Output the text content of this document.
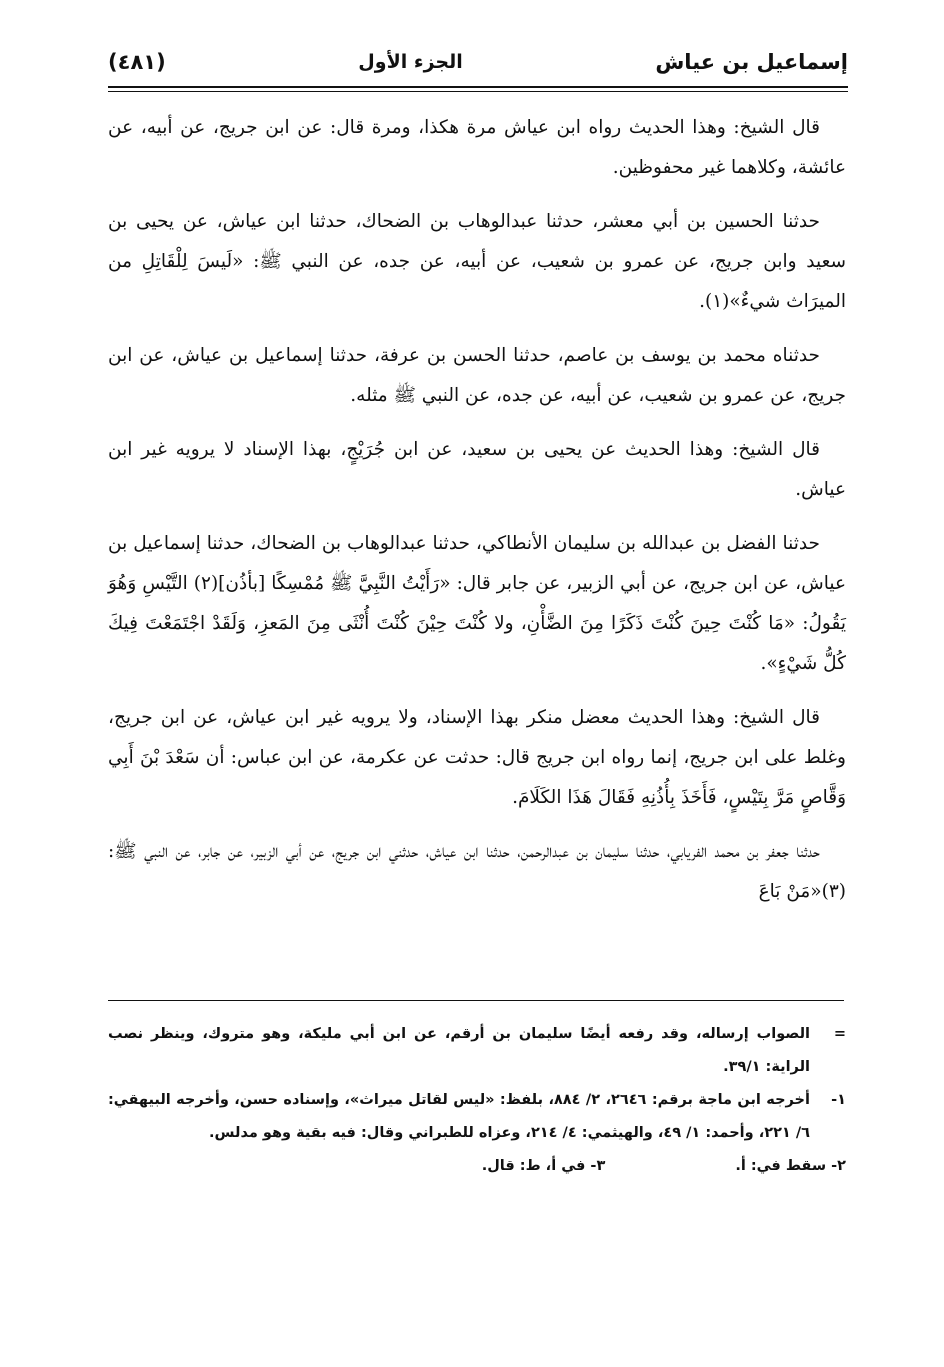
إسماعيل بن عياش
الجزء الأول
(٤٨١)

قال الشيخ: وهذا الحديث رواه ابن عياش مرة هكذا، ومرة قال: عن ابن جريج، عن أبيه، عن عائشة، وكلاهما غير محفوظين.

حدثنا الحسين بن أبي معشر، حدثنا عبدالوهاب بن الضحاك، حدثنا ابن عياش، عن يحيى بن سعيد وابن جريج، عن عمرو بن شعيب، عن أبيه، عن جده، عن النبي ﷺ: «لَيسَ لِلْقَاتِلِ من الميرَاث شيءٌ»(١).

حدثناه محمد بن يوسف بن عاصم، حدثنا الحسن بن عرفة، حدثنا إسماعيل بن عياش، عن ابن جريج، عن عمرو بن شعيب، عن أبيه، عن جده، عن النبي ﷺ مثله.

قال الشيخ: وهذا الحديث عن يحيى بن سعيد، عن ابن جُرَيْجٍ، بهذا الإسناد لا يرويه غير ابن عياش.

حدثنا الفضل بن عبدالله بن سليمان الأنطاكي، حدثنا عبدالوهاب بن الضحاك، حدثنا إسماعيل بن عياش، عن ابن جريج، عن أبي الزبير، عن جابر قال: «رَأَيْتُ النَّبِيَّ ﷺ مُمْسِكًا [بأذُن](٢) التَّيْسِ وَهُوَ يَقُولُ: «مَا كُنْتَ حِينَ كُنْتَ ذَكَرًا مِنَ الضَّأْنِ، ولا كُنْتَ حِيْنَ كُنْتَ أُنْثَى مِنَ المَعزِ، وَلَقَدْ اجْتَمَعْتَ فِيكَ كُلُّ شَيْءٍ».

قال الشيخ: وهذا الحديث معضل منكر بهذا الإسناد، ولا يرويه غير ابن عياش، عن ابن جريج، وغلط على ابن جريج، إنما رواه ابن جريج قال: حدثت عن عكرمة، عن ابن عباس: أن سَعْدَ بْنَ أَبِي وَقَّاصٍ مَرَّ بِتَيْسٍ، فَأَخَذَ بِأُذُنِهِ فَقَالَ هَذَا الكَلَامَ.

حدثنا جعفر بن محمد الفريابي، حدثنا سليمان بن عبدالرحمن، حدثنا ابن عياش، حدثني ابن جريج، عن أبي الزبير، عن جابر، عن النبي ﷺ: (٣)«مَنْ بَاعَ

=
الصواب إرساله، وقد رفعه أيضًا سليمان بن أرقم، عن ابن أبي مليكة، وهو متروك، وينظر نصب الراية: ٣٩/١.
١-
أخرجه ابن ماجة برقم: ٢٦٤٦، ٢/ ٨٨٤، بلفظ: «ليس لقاتل ميراث»، وإسناده حسن، وأخرجه البيهقي: ٦/ ٢٢١، وأحمد: ١/ ٤٩، والهيثمي: ٤/ ٢١٤، وعزاه للطبراني وقال: فيه بقية وهو مدلس.
٢- سقط في: أ.
٣- في أ، ط: قال.
